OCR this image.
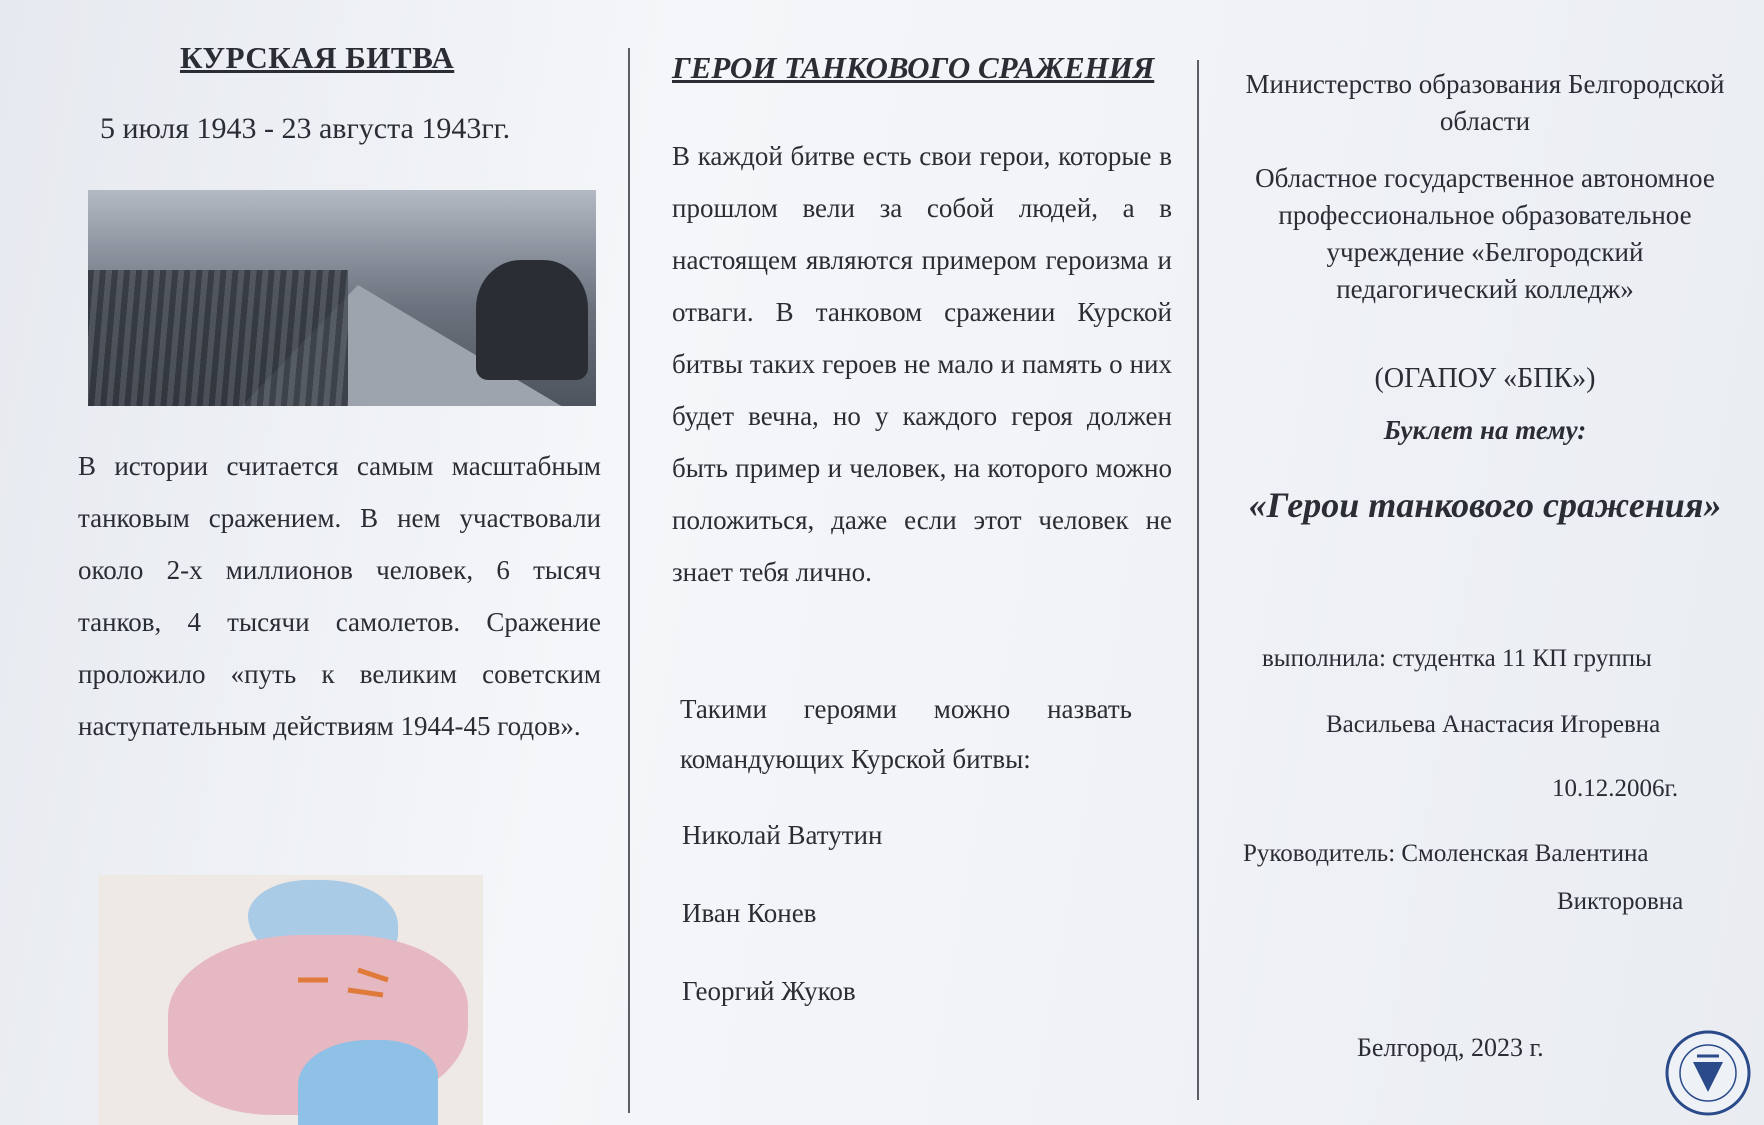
КУРСКАЯ БИТВА
5 июля 1943 - 23 августа 1943гг.

В истории считается самым масштабным танковым сражением. В нем участвовали около 2-х миллионов человек, 6 тысяч танков, 4 тысячи самолетов. Сражение проложило «путь к великим советским наступательным действиям 1944-45 годов».

ГЕРОИ ТАНКОВОГО СРАЖЕНИЯ

В каждой битве есть свои герои, которые в прошлом вели за собой людей, а в настоящем являются примером героизма и отваги. В танковом сражении Курской битвы таких героев не мало и память о них будет вечна, но у каждого героя должен быть пример и человек, на которого можно положиться, даже если этот человек не знает тебя лично.

Такими героями можно назвать командующих Курской битвы:
Николай Ватутин
Иван Конев
Георгий Жуков
Министерство образования Белгородской области
Областное государственное автономное профессиональное образовательное учреждение «Белгородский педагогический колледж»
(ОГАПОУ «БПК»)
Буклет на тему:
«Герои танкового сражения»
выполнила: студентка 11 КП группы
Васильева Анастасия Игоревна
10.12.2006г.
Руководитель: Смоленская Валентина
Викторовна
Белгород, 2023 г.
